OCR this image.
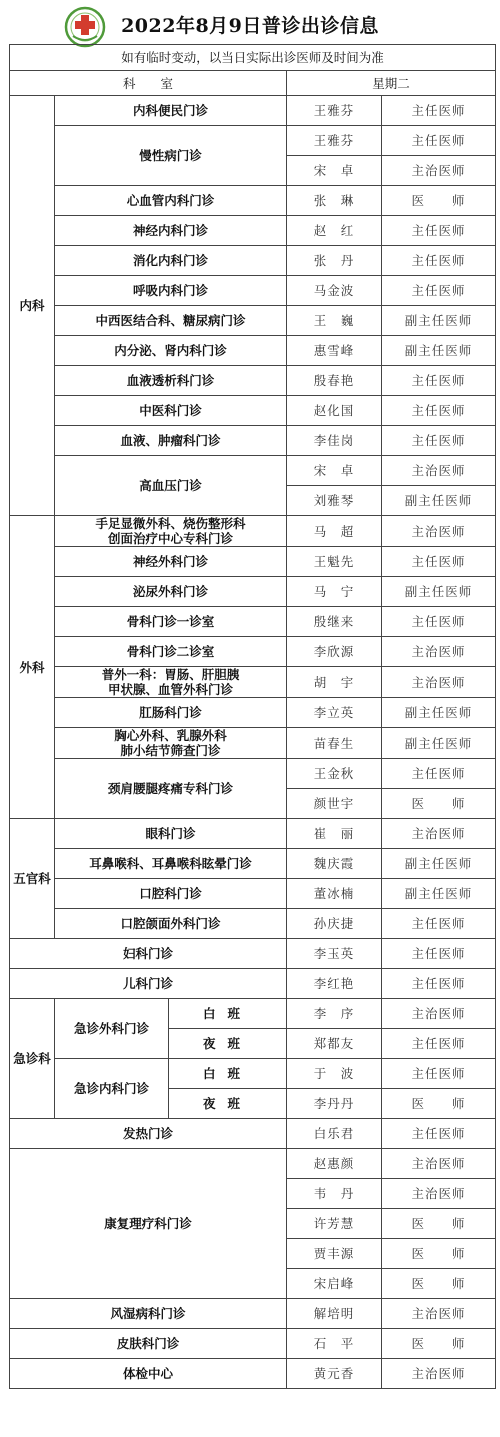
2022年8月9日普诊出诊信息
如有临时变动，以当日实际出诊医师及时间为准				
科　　室			星期二	
内科	内科便民门诊		王雅芬	主任医师
	慢性病门诊		王雅芬	主任医师
			宋　卓	主治医师
	心血管内科门诊		张　琳	医　　师
	神经内科门诊		赵　红	主任医师
	消化内科门诊		张　丹	主任医师
	呼吸内科门诊		马金波	主任医师
	中西医结合科、糖尿病门诊		王　巍	副主任医师
	内分泌、肾内科门诊		惠雪峰	副主任医师
	血液透析科门诊		殷春艳	主任医师
	中医科门诊		赵化国	主任医师
	血液、肿瘤科门诊		李佳岗	主任医师
	高血压门诊		宋　卓	主治医师
			刘雅琴	副主任医师
外科	手足显微外科、烧伤整形科
创面治疗中心专科门诊		马　超	主治医师
	神经外科门诊		王魁先	主任医师
	泌尿外科门诊		马　宁	副主任医师
	骨科门诊一诊室		殷继来	主任医师
	骨科门诊二诊室		李欣源	主治医师

	普外一科：胃肠、肝胆胰
甲状腺、血管外科门诊		胡　宇	主治医师
	肛肠科门诊		李立英	副主任医师

	胸心外科、乳腺外科
肺小结节筛查门诊		苗春生	副主任医师
	颈肩腰腿疼痛专科门诊		王金秋	主任医师
			颜世宇	医　　师
五官科	眼科门诊		崔　丽	主治医师
	耳鼻喉科、耳鼻喉科眩晕门诊		魏庆霞	副主任医师
	口腔科门诊		董冰楠	副主任医师
	口腔颌面外科门诊		孙庆捷	主任医师
妇科门诊			李玉英	主任医师
儿科门诊			李红艳	主任医师
急诊科	急诊外科门诊	白班	李　序	主治医师
		夜班	郑都友	主任医师
	急诊内科门诊	白班	于　波	主任医师
		夜班	李丹丹	医　　师
发热门诊			白乐君	主任医师
康复理疗科门诊			赵惠颜	主治医师
			韦　丹	主治医师
			许芳慧	医　　师
			贾丰源	医　　师
			宋启峰	医　　师
风湿病科门诊			解培明	主治医师
皮肤科门诊			石　平	医　　师
体检中心			黄元香	主治医师
